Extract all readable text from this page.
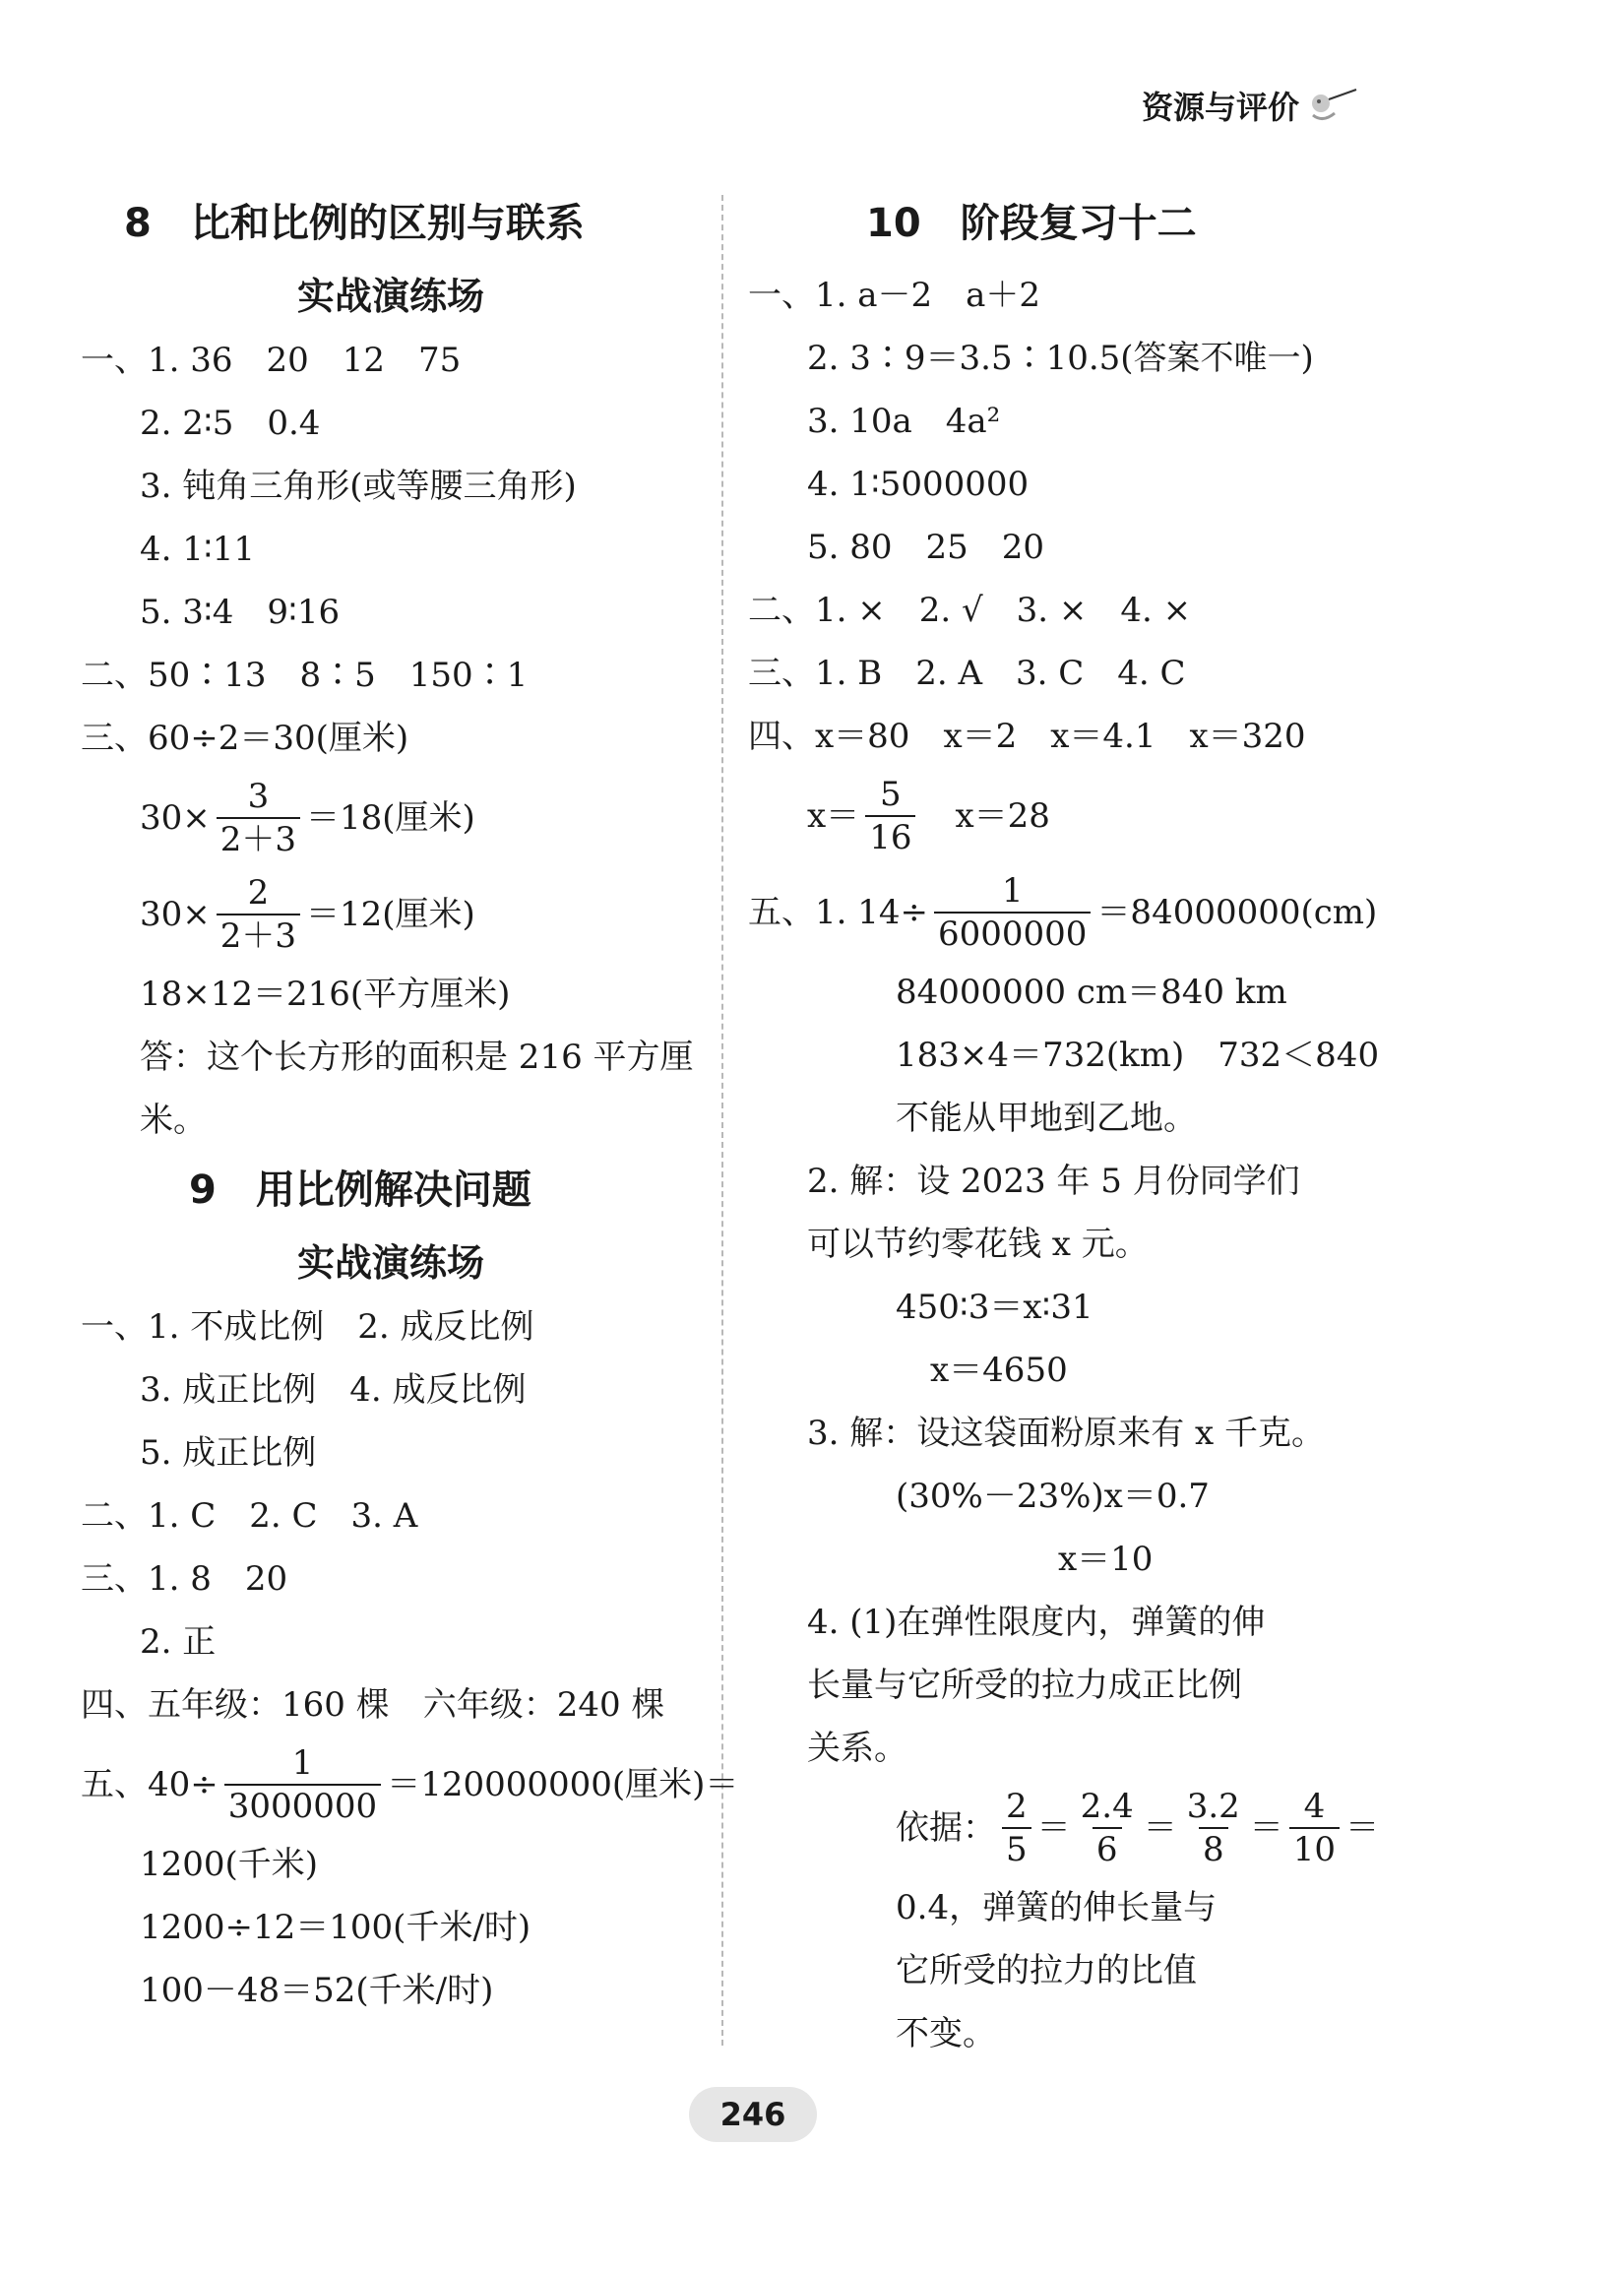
资源与评价
8　比和比例的区别与联系
实战演练场
一、1. 36　20　12　75
2. 2∶5　0.4
3. 钝角三角形(或等腰三角形)
4. 1∶11
5. 3∶4　9∶16
二、50∶13　8∶5　150∶1
三、60÷2＝30(厘米)
$30\times \frac{3}{2+3} =18$(厘米)
$30\times \frac{2}{2+3} =12$(厘米)
18×12＝216(平方厘米)
答：这个长方形的面积是 216 平方厘米。
9　用比例解决问题
实战演练场
一、1. 不成比例　2. 成反比例
3. 成正比例　4. 成反比例
5. 成正比例
二、1. C　2. C　3. A
三、1. 8　20
2. 正
四、五年级：160 棵　六年级：240 棵
五、$40\div \frac{1}{3000000} =120000000$(厘米)＝
1200(千米)
1200÷12＝100(千米/时)
100－48＝52(千米/时)
10　阶段复习十二
一、1. a－2　a＋2
2. 3∶9＝3.5∶10.5(答案不唯一)
3. 10a　4a²
4. 1∶5000000
5. 80　25　20
二、1. ×　2. √　3. ×　4. ×
三、1. B　2. A　3. C　4. C
四、x＝80　x＝2　x＝4.1　x＝320
$x= \frac{5}{16}$ 　x＝28
五、1. $14\div \frac{1}{6000000} =84000000(cm)$
84000000 cm＝840 km
183×4＝732(km)　732＜840
不能从甲地到乙地。
2. 解：设 2023 年 5 月份同学们可以节约零花钱 x 元。
450∶3＝x∶31
x＝4650
3. 解：设这袋面粉原来有 x 千克。
(30%－23%)x＝0.7
x＝10
4. (1)在弹性限度内，弹簧的伸长量与它所受的拉力成正比例关系。
依据： $\frac{2}{5} = \frac{2.4}{6} = \frac{3.2}{8} = \frac{4}{10}$ ＝
0.4，弹簧的伸长量与它所受的拉力的比值不变。
246
